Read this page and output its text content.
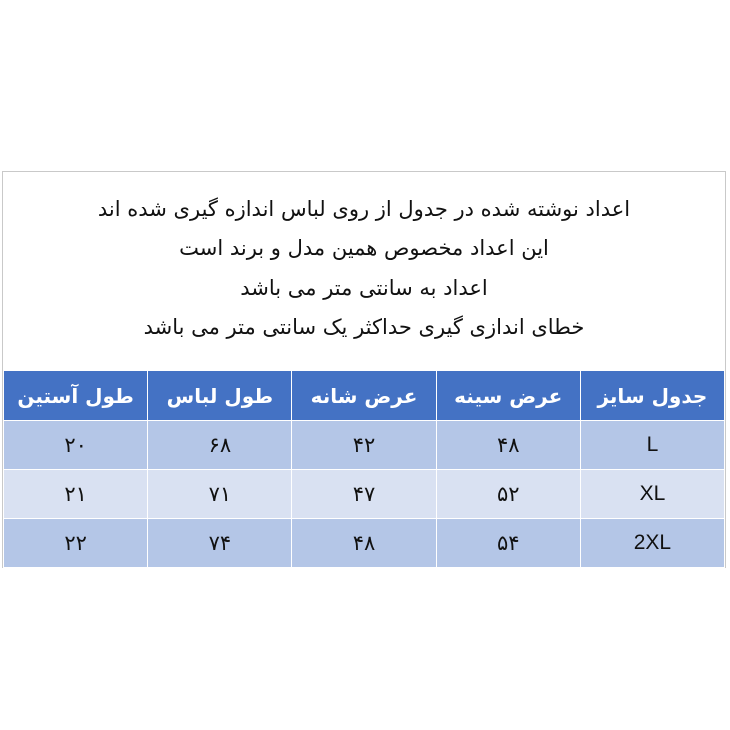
اعداد نوشته شده در جدول از روی لباس اندازه گیری شده اند
این اعداد مخصوص همین مدل و برند است
اعداد به سانتی متر می باشد
خطای اندازی گیری حداکثر یک سانتی متر می باشد
جدول سایز	عرض سینه	عرض شانه	طول لباس	طول آستین
L	۴۸	۴۲	۶۸	۲۰
XL	۵۲	۴۷	۷۱	۲۱
2XL	۵۴	۴۸	۷۴	۲۲
